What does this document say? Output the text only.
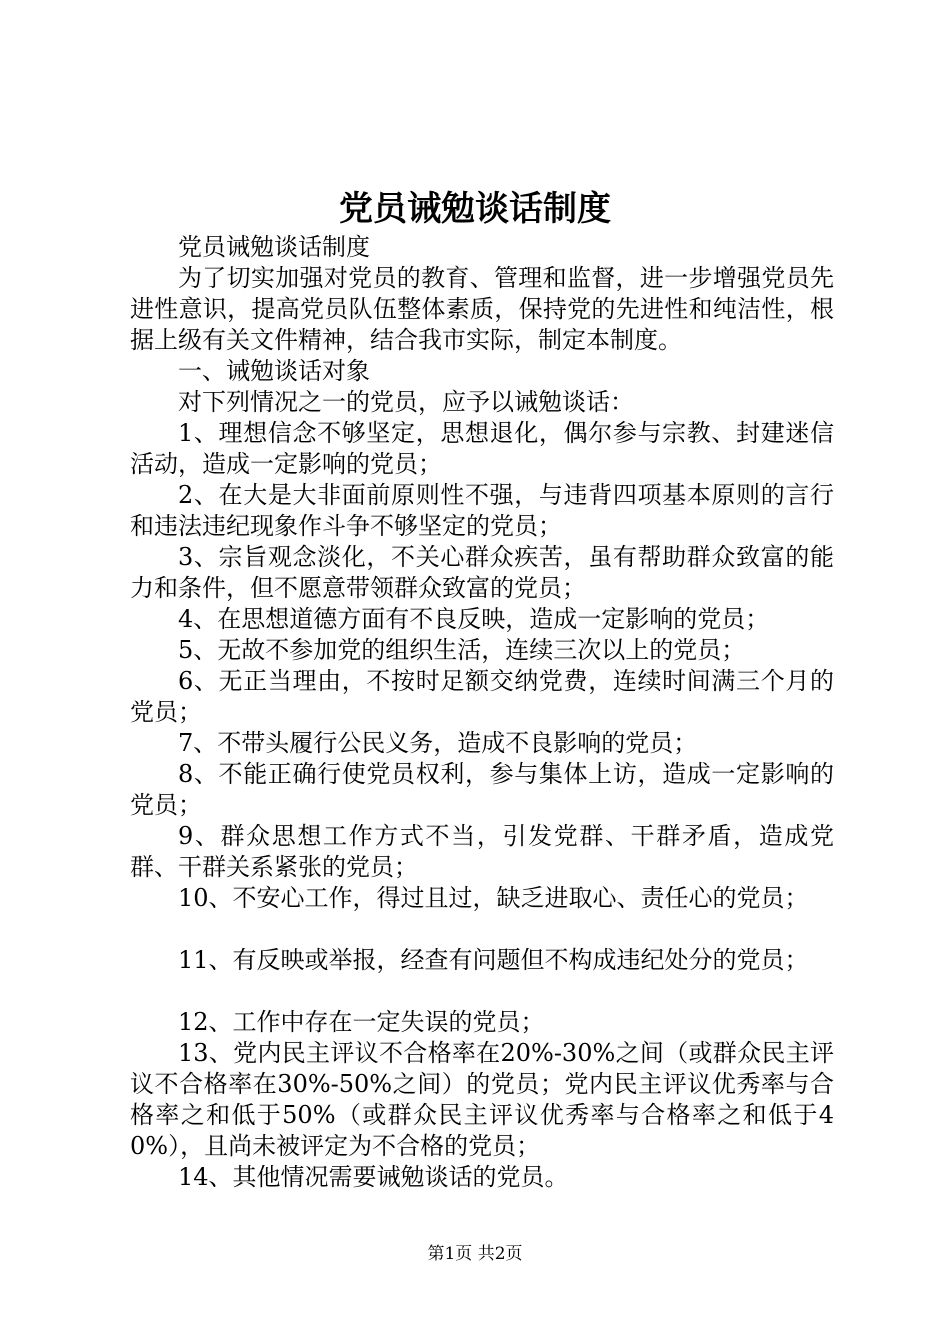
党员诫勉谈话制度

党员诫勉谈话制度

为了切实加强对党员的教育、管理和监督，进一步增强党员先进性意识，提高党员队伍整体素质，保持党的先进性和纯洁性，根据上级有关文件精神，结合我市实际，制定本制度。

一、诫勉谈话对象

对下列情况之一的党员，应予以诫勉谈话：

1、理想信念不够坚定，思想退化，偶尔参与宗教、封建迷信活动，造成一定影响的党员；

2、在大是大非面前原则性不强，与违背四项基本原则的言行和违法违纪现象作斗争不够坚定的党员；

3、宗旨观念淡化，不关心群众疾苦，虽有帮助群众致富的能力和条件，但不愿意带领群众致富的党员；

4、在思想道德方面有不良反映，造成一定影响的党员；

5、无故不参加党的组织生活，连续三次以上的党员；

6、无正当理由，不按时足额交纳党费，连续时间满三个月的党员；

7、不带头履行公民义务，造成不良影响的党员；

8、不能正确行使党员权利，参与集体上访，造成一定影响的党员；

9、群众思想工作方式不当，引发党群、干群矛盾，造成党群、干群关系紧张的党员；

10、不安心工作，得过且过，缺乏进取心、责任心的党员；

11、有反映或举报，经查有问题但不构成违纪处分的党员；

12、工作中存在一定失误的党员；

13、党内民主评议不合格率在20%-30%之间（或群众民主评议不合格率在30%-50%之间）的党员；党内民主评议优秀率与合格率之和低于50%（或群众民主评议优秀率与合格率之和低于40%），且尚未被评定为不合格的党员；

14、其他情况需要诫勉谈话的党员。

第1页 共2页
